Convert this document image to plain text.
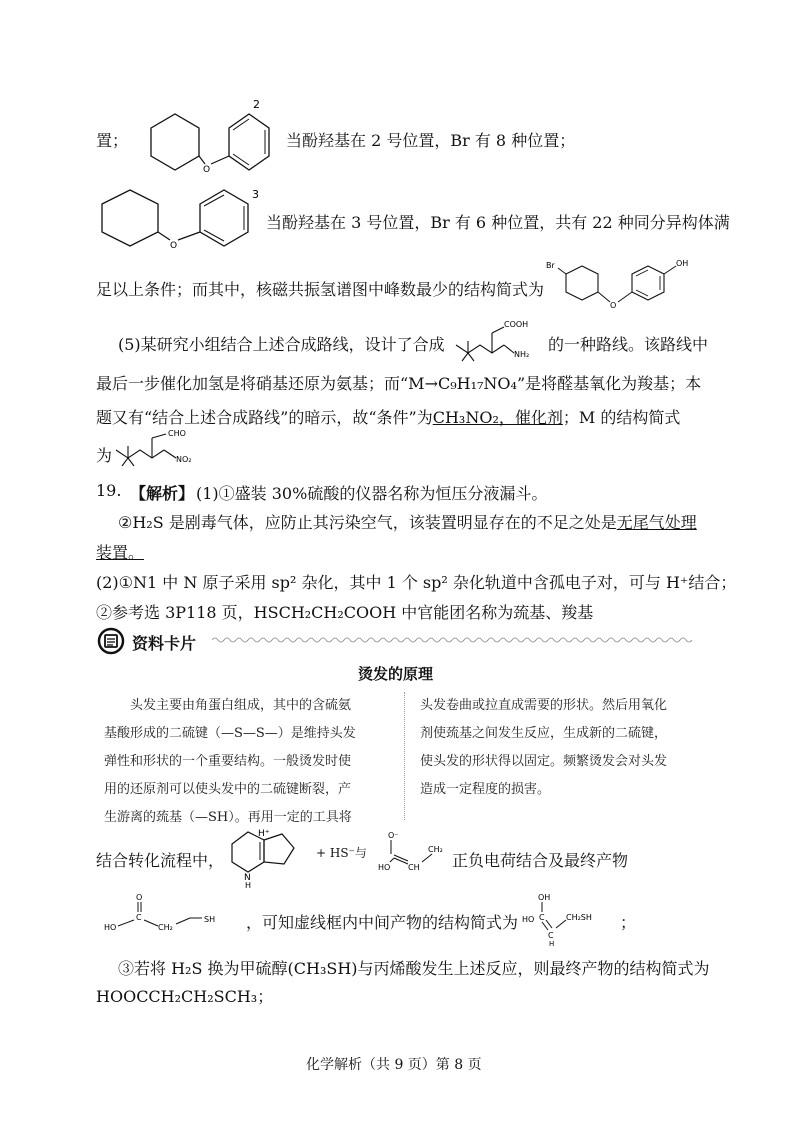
置；
O
2
当酚羟基在 2 号位置，Br 有 8 种位置；
O
3
当酚羟基在 3 号位置，Br 有 6 种位置，共有 22 种同分异构体满
足以上条件；而其中，核磁共振氢谱图中峰数最少的结构简式为
Br
O
OH
(5)某研究小组结合上述合成路线，设计了合成
COOH
NH₂
的一种路线。该路线中
最后一步催化加氢是将硝基还原为氨基；而“M→C₉H₁₇NO₄”是将醛基氧化为羧基；本
题又有“结合上述合成路线”的暗示，故“条件”为CH₃NO₂，催化剂；M 的结构简式
为
CHO
NO₂
19. 【解析】 (1)①盛装 30%硫酸的仪器名称为恒压分液漏斗。
②H₂S 是剧毒气体，应防止其污染空气，该装置明显存在的不足之处是无尾气处理
装置。
(2)①N1 中 N 原子采用 sp² 杂化，其中 1 个 sp² 杂化轨道中含孤电子对，可与 H⁺结合；
②参考选 3P118 页，HSCH₂CH₂COOH 中官能团名称为巯基、羧基
资料卡片
烫发的原理
头发主要由角蛋白组成，其中的含硫氨
基酸形成的二硫键（—S—S—）是维持头发
弹性和形状的一个重要结构。一般烫发时使
用的还原剂可以使头发中的二硫键断裂，产
生游离的巯基（—SH）。再用一定的工具将
头发卷曲或拉直成需要的形状。然后用氧化
剂使巯基之间发生反应，生成新的二硫键，
使头发的形状得以固定。频繁烫发会对头发
造成一定程度的损害。
结合转化流程中，
H⁺
N
H
+ HS⁻与
O⁻
HO CH
CH₂
正负电荷结合及最终产物
O
C
HO	CH₂
SH ，可知虚线框内中间产物的结构简式为
OH
C
HO
C
CH₂SH
H
；
③若将 H₂S 换为甲硫醇(CH₃SH)与丙烯酸发生上述反应，则最终产物的结构简式为
HOOCCH₂CH₂SCH₃；
化学解析（共 9 页）第 8 页
